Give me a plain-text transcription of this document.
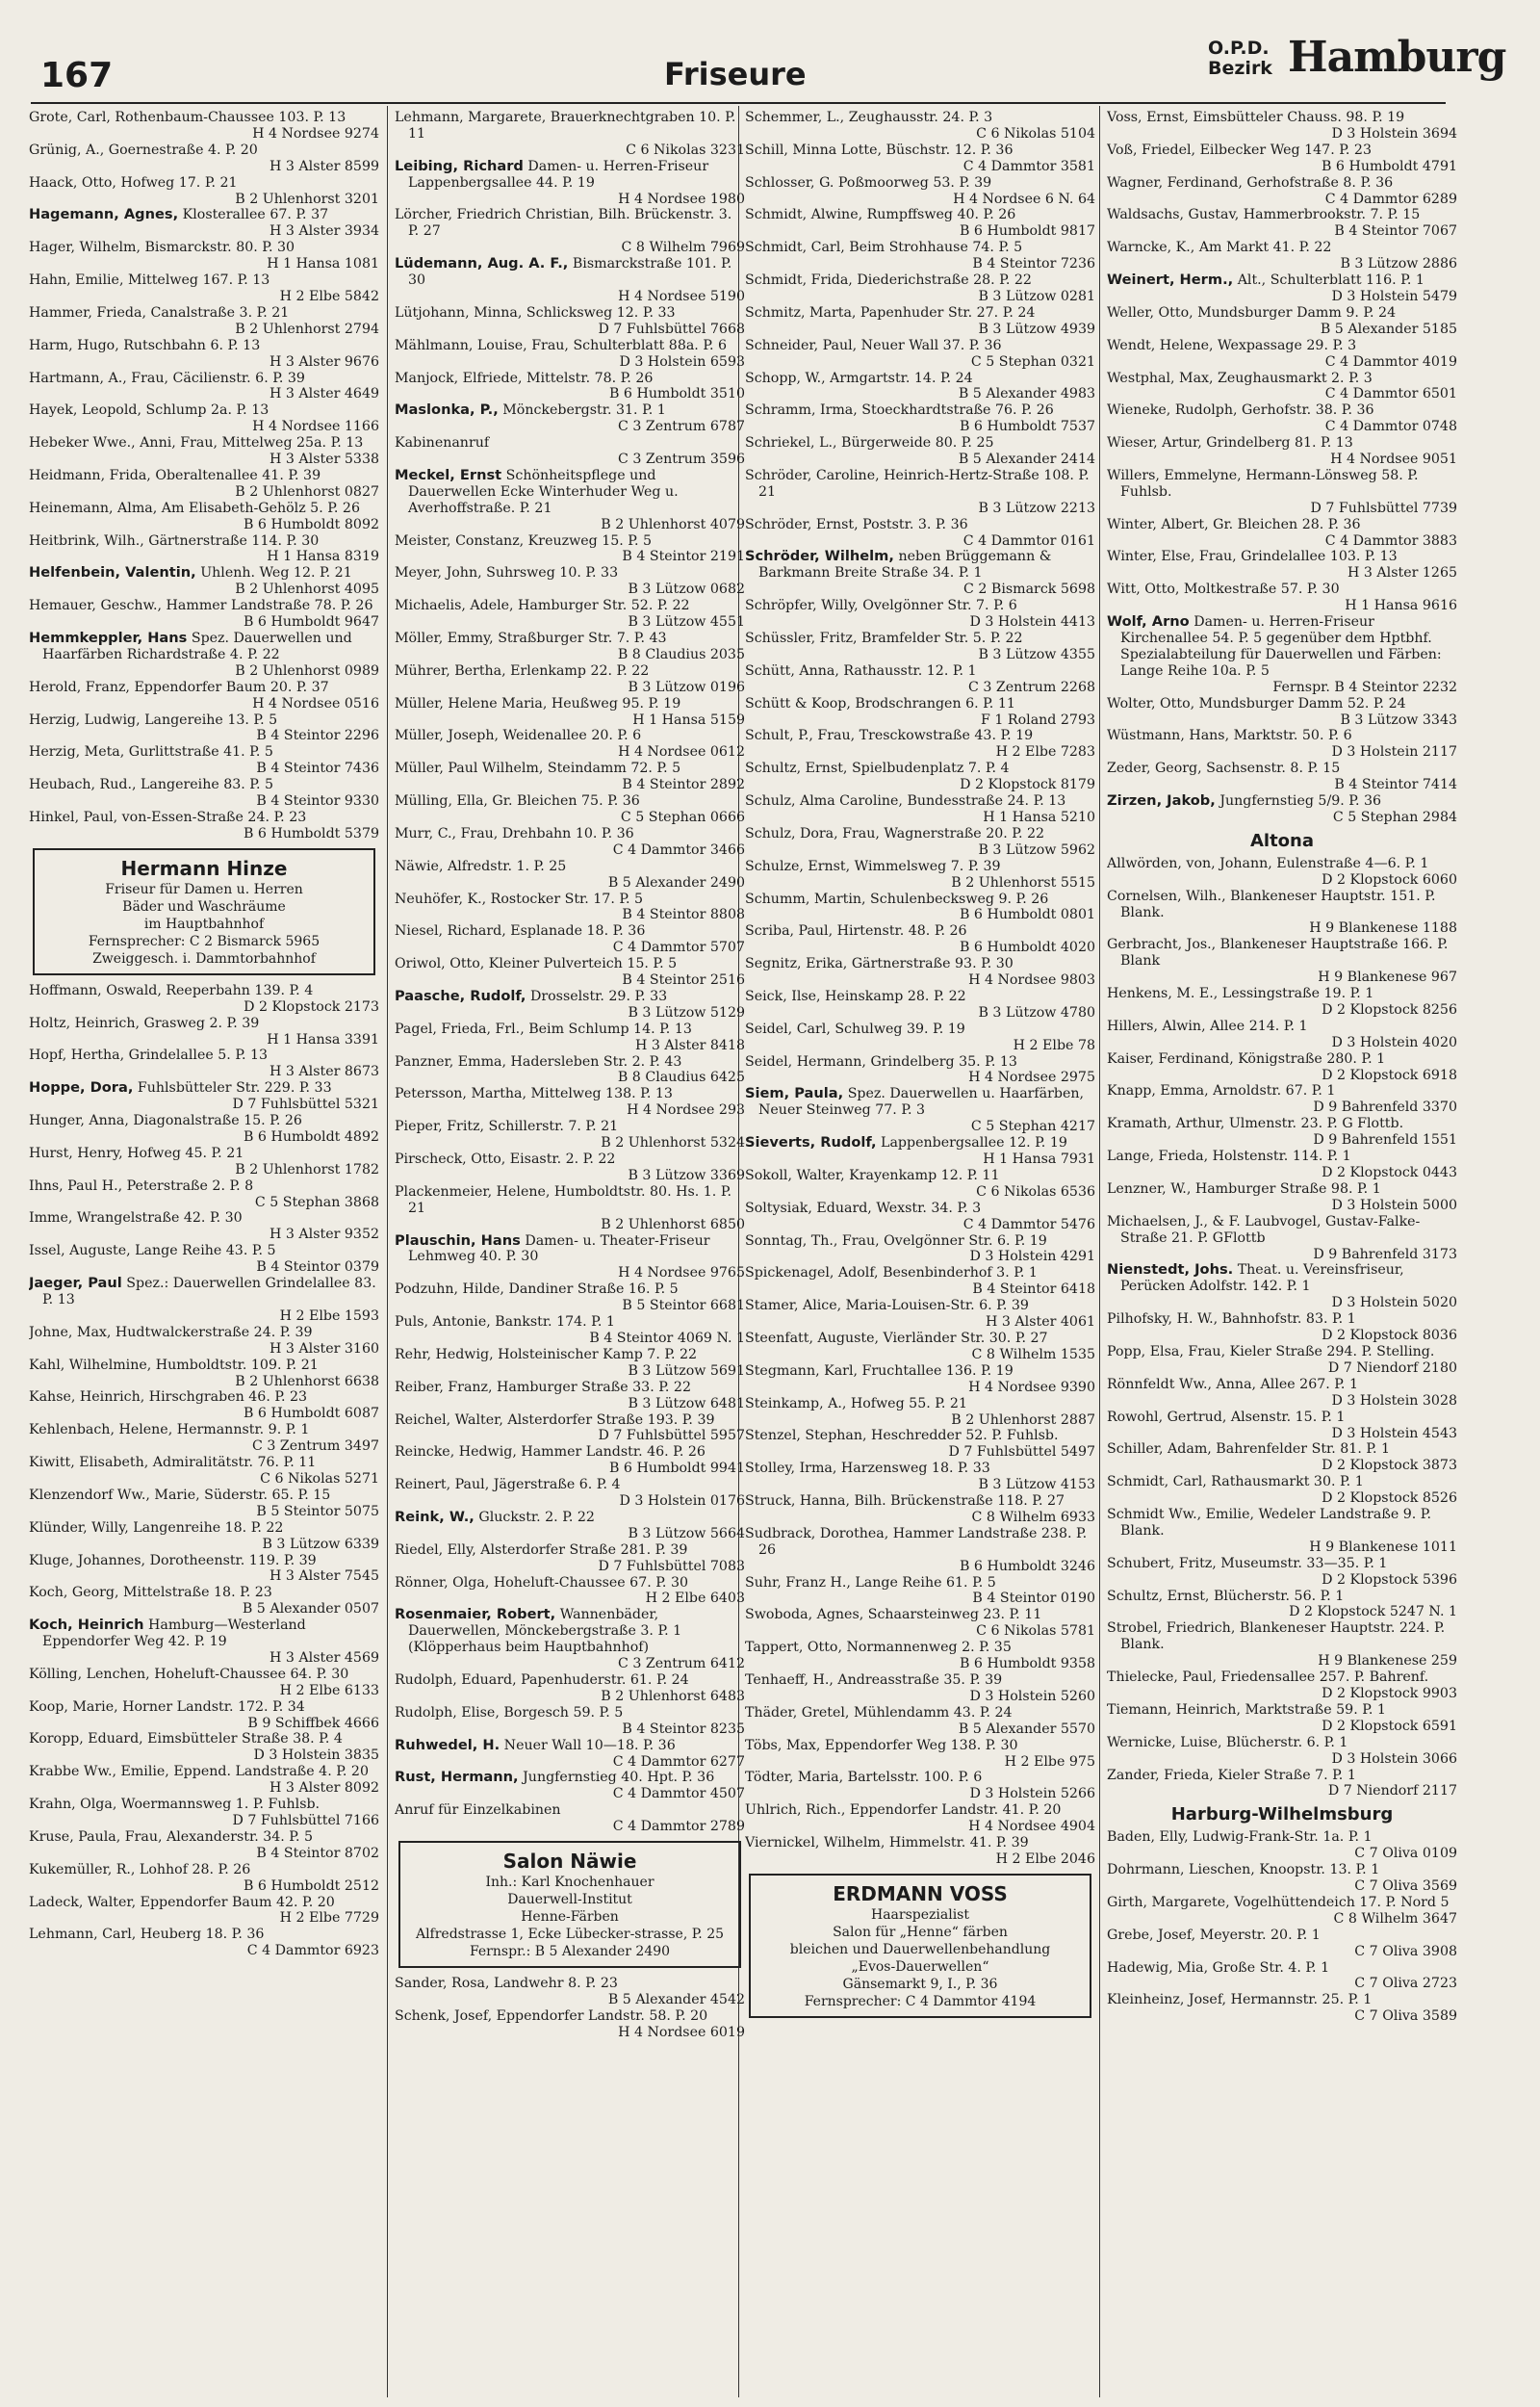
167	Friseure
O.P.D.
Bezirk Hamburg

Grote, Carl, Rothenbaum-Chaussee 103. P. 13
H 4 Nordsee 9274

Grünig, A., Goernestraße 4. P. 20
H 3 Alster 8599

Haack, Otto, Hofweg 17. P. 21
B 2 Uhlenhorst 3201

Hagemann, Agnes, Klosterallee 67. P. 37
H 3 Alster 3934

Hager, Wilhelm, Bismarckstr. 80. P. 30
H 1 Hansa 1081

Hahn, Emilie, Mittelweg 167. P. 13
H 2 Elbe 5842

Hammer, Frieda, Canalstraße 3. P. 21
B 2 Uhlenhorst 2794

Harm, Hugo, Rutschbahn 6. P. 13
H 3 Alster 9676

Hartmann, A., Frau, Cäcilienstr. 6. P. 39
H 3 Alster 4649

Hayek, Leopold, Schlump 2a. P. 13
H 4 Nordsee 1166

Hebeker Wwe., Anni, Frau, Mittelweg 25a. P. 13
H 3 Alster 5338

Heidmann, Frida, Oberaltenallee 41. P. 39
B 2 Uhlenhorst 0827

Heinemann, Alma, Am Elisabeth-Gehölz 5. P. 26
B 6 Humboldt 8092

Heitbrink, Wilh., Gärtnerstraße 114. P. 30
H 1 Hansa 8319

Helfenbein, Valentin, Uhlenh. Weg 12. P. 21
B 2 Uhlenhorst 4095

Hemauer, Geschw., Hammer Landstraße 78. P. 26
B 6 Humboldt 9647

Hemmkeppler, Hans Spez. Dauerwellen und Haarfärben Richardstraße 4. P. 22
B 2 Uhlenhorst 0989

Herold, Franz, Eppendorfer Baum 20. P. 37
H 4 Nordsee 0516

Herzig, Ludwig, Langereihe 13. P. 5
B 4 Steintor 2296

Herzig, Meta, Gurlittstraße 41. P. 5
B 4 Steintor 7436

Heubach, Rud., Langereihe 83. P. 5
B 4 Steintor 9330

Hinkel, Paul, von-Essen-Straße 24. P. 23
B 6 Humboldt 5379

Hermann Hinze
Friseur für Damen u. Herren
Bäder und Waschräume
im Hauptbahnhof
Fernsprecher: C 2 Bismarck 5965
Zweiggesch. i. Dammtorbahnhof

Hoffmann, Oswald, Reeperbahn 139. P. 4
D 2 Klopstock 2173

Holtz, Heinrich, Grasweg 2. P. 39
H 1 Hansa 3391

Hopf, Hertha, Grindelallee 5. P. 13
H 3 Alster 8673

Hoppe, Dora, Fuhlsbütteler Str. 229. P. 33
D 7 Fuhlsbüttel 5321

Hunger, Anna, Diagonalstraße 15. P. 26
B 6 Humboldt 4892

Hurst, Henry, Hofweg 45. P. 21
B 2 Uhlenhorst 1782

Ihns, Paul H., Peterstraße 2. P. 8
C 5 Stephan 3868

Imme, Wrangelstraße 42. P. 30
H 3 Alster 9352

Issel, Auguste, Lange Reihe 43. P. 5
B 4 Steintor 0379

Jaeger, Paul Spez.: Dauerwellen Grindelallee 83. P. 13
H 2 Elbe 1593

Johne, Max, Hudtwalckerstraße 24. P. 39
H 3 Alster 3160

Kahl, Wilhelmine, Humboldtstr. 109. P. 21
B 2 Uhlenhorst 6638

Kahse, Heinrich, Hirschgraben 46. P. 23
B 6 Humboldt 6087

Kehlenbach, Helene, Hermannstr. 9. P. 1
C 3 Zentrum 3497

Kiwitt, Elisabeth, Admiralitätstr. 76. P. 11
C 6 Nikolas 5271

Klenzendorf Ww., Marie, Süderstr. 65. P. 15
B 5 Steintor 5075

Klünder, Willy, Langenreihe 18. P. 22
B 3 Lützow 6339

Kluge, Johannes, Dorotheenstr. 119. P. 39
H 3 Alster 7545

Koch, Georg, Mittelstraße 18. P. 23
B 5 Alexander 0507

Koch, Heinrich Hamburg—Westerland Eppendorfer Weg 42. P. 19
H 3 Alster 4569

Kölling, Lenchen, Hoheluft-Chaussee 64. P. 30
H 2 Elbe 6133

Koop, Marie, Horner Landstr. 172. P. 34
B 9 Schiffbek 4666

Koropp, Eduard, Eimsbütteler Straße 38. P. 4
D 3 Holstein 3835

Krabbe Ww., Emilie, Eppend. Landstraße 4. P. 20
H 3 Alster 8092

Krahn, Olga, Woermannsweg 1. P. Fuhlsb.
D 7 Fuhlsbüttel 7166

Kruse, Paula, Frau, Alexanderstr. 34. P. 5
B 4 Steintor 8702

Kukemüller, R., Lohhof 28. P. 26
B 6 Humboldt 2512

Ladeck, Walter, Eppendorfer Baum 42. P. 20
H 2 Elbe 7729

Lehmann, Carl, Heuberg 18. P. 36
C 4 Dammtor 6923

Lehmann, Margarete, Brauerknechtgraben 10. P. 11
C 6 Nikolas 3231

Leibing, Richard Damen- u. Herren-Friseur Lappenbergsallee 44. P. 19
H 4 Nordsee 1980

Lörcher, Friedrich Christian, Bilh. Brückenstr. 3. P. 27
C 8 Wilhelm 7969

Lüdemann, Aug. A. F., Bismarckstraße 101. P. 30
H 4 Nordsee 5190

Lütjohann, Minna, Schlicksweg 12. P. 33
D 7 Fuhlsbüttel 7668

Mählmann, Louise, Frau, Schulterblatt 88a. P. 6
D 3 Holstein 6593

Manjock, Elfriede, Mittelstr. 78. P. 26
B 6 Humboldt 3510

Maslonka, P., Mönckebergstr. 31. P. 1
C 3 Zentrum 6787

Kabinenanruf
C 3 Zentrum 3596

Meckel, Ernst Schönheitspflege und Dauerwellen Ecke Winterhuder Weg u. Averhoffstraße. P. 21
B 2 Uhlenhorst 4079

Meister, Constanz, Kreuzweg 15. P. 5
B 4 Steintor 2191

Meyer, John, Suhrsweg 10. P. 33
B 3 Lützow 0682

Michaelis, Adele, Hamburger Str. 52. P. 22
B 3 Lützow 4551

Möller, Emmy, Straßburger Str. 7. P. 43
B 8 Claudius 2035

Mührer, Bertha, Erlenkamp 22. P. 22
B 3 Lützow 0196

Müller, Helene Maria, Heußweg 95. P. 19
H 1 Hansa 5159

Müller, Joseph, Weidenallee 20. P. 6
H 4 Nordsee 0612

Müller, Paul Wilhelm, Steindamm 72. P. 5
B 4 Steintor 2892

Mülling, Ella, Gr. Bleichen 75. P. 36
C 5 Stephan 0666

Murr, C., Frau, Drehbahn 10. P. 36
C 4 Dammtor 3466

Näwie, Alfredstr. 1. P. 25
B 5 Alexander 2490

Neuhöfer, K., Rostocker Str. 17. P. 5
B 4 Steintor 8808

Niesel, Richard, Esplanade 18. P. 36
C 4 Dammtor 5707

Oriwol, Otto, Kleiner Pulverteich 15. P. 5
B 4 Steintor 2516

Paasche, Rudolf, Drosselstr. 29. P. 33
B 3 Lützow 5129

Pagel, Frieda, Frl., Beim Schlump 14. P. 13
H 3 Alster 8418

Panzner, Emma, Hadersleben Str. 2. P. 43
B 8 Claudius 6425

Petersson, Martha, Mittelweg 138. P. 13
H 4 Nordsee 293

Pieper, Fritz, Schillerstr. 7. P. 21
B 2 Uhlenhorst 5324

Pirscheck, Otto, Eisastr. 2. P. 22
B 3 Lützow 3369

Plackenmeier, Helene, Humboldtstr. 80. Hs. 1. P. 21
B 2 Uhlenhorst 6850

Plauschin, Hans Damen- u. Theater-Friseur Lehmweg 40. P. 30
H 4 Nordsee 9765

Podzuhn, Hilde, Dandiner Straße 16. P. 5
B 5 Steintor 6681

Puls, Antonie, Bankstr. 174. P. 1
B 4 Steintor 4069 N. 1

Rehr, Hedwig, Holsteinischer Kamp 7. P. 22
B 3 Lützow 5691

Reiber, Franz, Hamburger Straße 33. P. 22
B 3 Lützow 6481

Reichel, Walter, Alsterdorfer Straße 193. P. 39
D 7 Fuhlsbüttel 5957

Reincke, Hedwig, Hammer Landstr. 46. P. 26
B 6 Humboldt 9941

Reinert, Paul, Jägerstraße 6. P. 4
D 3 Holstein 0176

Reink, W., Gluckstr. 2. P. 22
B 3 Lützow 5664

Riedel, Elly, Alsterdorfer Straße 281. P. 39
D 7 Fuhlsbüttel 7083

Rönner, Olga, Hoheluft-Chaussee 67. P. 30
H 2 Elbe 6403

Rosenmaier, Robert, Wannenbäder, Dauerwellen, Mönckebergstraße 3. P. 1 (Klöpperhaus beim Hauptbahnhof)
C 3 Zentrum 6412

Rudolph, Eduard, Papenhuderstr. 61. P. 24
B 2 Uhlenhorst 6483

Rudolph, Elise, Borgesch 59. P. 5
B 4 Steintor 8235

Ruhwedel, H. Neuer Wall 10—18. P. 36
C 4 Dammtor 6277

Rust, Hermann, Jungfernstieg 40. Hpt. P. 36
C 4 Dammtor 4507

Anruf für Einzelkabinen
C 4 Dammtor 2789

Salon Näwie
Inh.: Karl Knochenhauer
Dauerwell-Institut
Henne-Färben
Alfredstrasse 1, Ecke Lübecker-strasse, P. 25
Fernspr.: B 5 Alexander 2490

Sander, Rosa, Landwehr 8. P. 23
B 5 Alexander 4542

Schenk, Josef, Eppendorfer Landstr. 58. P. 20
H 4 Nordsee 6019

Schemmer, L., Zeughausstr. 24. P. 3
C 6 Nikolas 5104

Schill, Minna Lotte, Büschstr. 12. P. 36
C 4 Dammtor 3581

Schlosser, G. Poßmoorweg 53. P. 39
H 4 Nordsee 6 N. 64

Schmidt, Alwine, Rumpffsweg 40. P. 26
B 6 Humboldt 9817

Schmidt, Carl, Beim Strohhause 74. P. 5
B 4 Steintor 7236

Schmidt, Frida, Diederichstraße 28. P. 22
B 3 Lützow 0281

Schmitz, Marta, Papenhuder Str. 27. P. 24
B 3 Lützow 4939

Schneider, Paul, Neuer Wall 37. P. 36
C 5 Stephan 0321

Schopp, W., Armgartstr. 14. P. 24
B 5 Alexander 4983

Schramm, Irma, Stoeckhardtstraße 76. P. 26
B 6 Humboldt 7537

Schriekel, L., Bürgerweide 80. P. 25
B 5 Alexander 2414

Schröder, Caroline, Heinrich-Hertz-Straße 108. P. 21
B 3 Lützow 2213

Schröder, Ernst, Poststr. 3. P. 36
C 4 Dammtor 0161

Schröder, Wilhelm, neben Brüggemann & Barkmann Breite Straße 34. P. 1
C 2 Bismarck 5698

Schröpfer, Willy, Ovelgönner Str. 7. P. 6
D 3 Holstein 4413

Schüssler, Fritz, Bramfelder Str. 5. P. 22
B 3 Lützow 4355

Schütt, Anna, Rathausstr. 12. P. 1
C 3 Zentrum 2268

Schütt & Koop, Brodschrangen 6. P. 11
F 1 Roland 2793

Schult, P., Frau, Tresckowstraße 43. P. 19
H 2 Elbe 7283

Schultz, Ernst, Spielbudenplatz 7. P. 4
D 2 Klopstock 8179

Schulz, Alma Caroline, Bundesstraße 24. P. 13
H 1 Hansa 5210

Schulz, Dora, Frau, Wagnerstraße 20. P. 22
B 3 Lützow 5962

Schulze, Ernst, Wimmelsweg 7. P. 39
B 2 Uhlenhorst 5515

Schumm, Martin, Schulenbecksweg 9. P. 26
B 6 Humboldt 0801

Scriba, Paul, Hirtenstr. 48. P. 26
B 6 Humboldt 4020

Segnitz, Erika, Gärtnerstraße 93. P. 30
H 4 Nordsee 9803

Seick, Ilse, Heinskamp 28. P. 22
B 3 Lützow 4780

Seidel, Carl, Schulweg 39. P. 19
H 2 Elbe 78

Seidel, Hermann, Grindelberg 35. P. 13
H 4 Nordsee 2975

Siem, Paula, Spez. Dauerwellen u. Haarfärben, Neuer Steinweg 77. P. 3
C 5 Stephan 4217

Sieverts, Rudolf, Lappenbergsallee 12. P. 19
H 1 Hansa 7931

Sokoll, Walter, Krayenkamp 12. P. 11
C 6 Nikolas 6536

Soltysiak, Eduard, Wexstr. 34. P. 3
C 4 Dammtor 5476

Sonntag, Th., Frau, Ovelgönner Str. 6. P. 19
D 3 Holstein 4291

Spickenagel, Adolf, Besenbinderhof 3. P. 1
B 4 Steintor 6418

Stamer, Alice, Maria-Louisen-Str. 6. P. 39
H 3 Alster 4061

Steenfatt, Auguste, Vierländer Str. 30. P. 27
C 8 Wilhelm 1535

Stegmann, Karl, Fruchtallee 136. P. 19
H 4 Nordsee 9390

Steinkamp, A., Hofweg 55. P. 21
B 2 Uhlenhorst 2887

Stenzel, Stephan, Heschredder 52. P. Fuhlsb.
D 7 Fuhlsbüttel 5497

Stolley, Irma, Harzensweg 18. P. 33
B 3 Lützow 4153

Struck, Hanna, Bilh. Brückenstraße 118. P. 27
C 8 Wilhelm 6933

Sudbrack, Dorothea, Hammer Landstraße 238. P. 26
B 6 Humboldt 3246

Suhr, Franz H., Lange Reihe 61. P. 5
B 4 Steintor 0190

Swoboda, Agnes, Schaarsteinweg 23. P. 11
C 6 Nikolas 5781

Tappert, Otto, Normannenweg 2. P. 35
B 6 Humboldt 9358

Tenhaeff, H., Andreasstraße 35. P. 39
D 3 Holstein 5260

Thäder, Gretel, Mühlendamm 43. P. 24
B 5 Alexander 5570

Töbs, Max, Eppendorfer Weg 138. P. 30
H 2 Elbe 975

Tödter, Maria, Bartelsstr. 100. P. 6
D 3 Holstein 5266

Uhlrich, Rich., Eppendorfer Landstr. 41. P. 20
H 4 Nordsee 4904

Viernickel, Wilhelm, Himmelstr. 41. P. 39
H 2 Elbe 2046

ERDMANN VOSS
Haarspezialist
Salon für „Henne“ färben
bleichen und Dauerwellenbehandlung
„Evos-Dauerwellen“
Gänsemarkt 9, I., P. 36
Fernsprecher: C 4 Dammtor 4194

Voss, Ernst, Eimsbütteler Chauss. 98. P. 19
D 3 Holstein 3694

Voß, Friedel, Eilbecker Weg 147. P. 23
B 6 Humboldt 4791

Wagner, Ferdinand, Gerhofstraße 8. P. 36
C 4 Dammtor 6289

Waldsachs, Gustav, Hammerbrookstr. 7. P. 15
B 4 Steintor 7067

Warncke, K., Am Markt 41. P. 22
B 3 Lützow 2886

Weinert, Herm., Alt., Schulterblatt 116. P. 1
D 3 Holstein 5479

Weller, Otto, Mundsburger Damm 9. P. 24
B 5 Alexander 5185

Wendt, Helene, Wexpassage 29. P. 3
C 4 Dammtor 4019

Westphal, Max, Zeughausmarkt 2. P. 3
C 4 Dammtor 6501

Wieneke, Rudolph, Gerhofstr. 38. P. 36
C 4 Dammtor 0748

Wieser, Artur, Grindelberg 81. P. 13
H 4 Nordsee 9051

Willers, Emmelyne, Hermann-Lönsweg 58. P. Fuhlsb.
D 7 Fuhlsbüttel 7739

Winter, Albert, Gr. Bleichen 28. P. 36
C 4 Dammtor 3883

Winter, Else, Frau, Grindelallee 103. P. 13
H 3 Alster 1265

Witt, Otto, Moltkestraße 57. P. 30
H 1 Hansa 9616

Wolf, Arno Damen- u. Herren-Friseur Kirchenallee 54. P. 5 gegenüber dem Hptbhf. Spezialabteilung für Dauerwellen und Färben: Lange Reihe 10a. P. 5
Fernspr. B 4 Steintor 2232

Wolter, Otto, Mundsburger Damm 52. P. 24
B 3 Lützow 3343

Wüstmann, Hans, Marktstr. 50. P. 6
D 3 Holstein 2117

Zeder, Georg, Sachsenstr. 8. P. 15
B 4 Steintor 7414

Zirzen, Jakob, Jungfernstieg 5/9. P. 36
C 5 Stephan 2984

Altona

Allwörden, von, Johann, Eulenstraße 4—6. P. 1
D 2 Klopstock 6060

Cornelsen, Wilh., Blankeneser Hauptstr. 151. P. Blank.
H 9 Blankenese 1188

Gerbracht, Jos., Blankeneser Hauptstraße 166. P. Blank
H 9 Blankenese 967

Henkens, M. E., Lessingstraße 19. P. 1
D 2 Klopstock 8256

Hillers, Alwin, Allee 214. P. 1
D 3 Holstein 4020

Kaiser, Ferdinand, Königstraße 280. P. 1
D 2 Klopstock 6918

Knapp, Emma, Arnoldstr. 67. P. 1
D 9 Bahrenfeld 3370

Kramath, Arthur, Ulmenstr. 23. P. G Flottb.
D 9 Bahrenfeld 1551

Lange, Frieda, Holstenstr. 114. P. 1
D 2 Klopstock 0443

Lenzner, W., Hamburger Straße 98. P. 1
D 3 Holstein 5000

Michaelsen, J., & F. Laubvogel, Gustav-Falke-Straße 21. P. GFlottb
D 9 Bahrenfeld 3173

Nienstedt, Johs. Theat. u. Vereinsfriseur, Perücken Adolfstr. 142. P. 1
D 3 Holstein 5020

Pilhofsky, H. W., Bahnhofstr. 83. P. 1
D 2 Klopstock 8036

Popp, Elsa, Frau, Kieler Straße 294. P. Stelling.
D 7 Niendorf 2180

Rönnfeldt Ww., Anna, Allee 267. P. 1
D 3 Holstein 3028

Rowohl, Gertrud, Alsenstr. 15. P. 1
D 3 Holstein 4543

Schiller, Adam, Bahrenfelder Str. 81. P. 1
D 2 Klopstock 3873

Schmidt, Carl, Rathausmarkt 30. P. 1
D 2 Klopstock 8526

Schmidt Ww., Emilie, Wedeler Landstraße 9. P. Blank.
H 9 Blankenese 1011

Schubert, Fritz, Museumstr. 33—35. P. 1
D 2 Klopstock 5396

Schultz, Ernst, Blücherstr. 56. P. 1
D 2 Klopstock 5247 N. 1

Strobel, Friedrich, Blankeneser Hauptstr. 224. P. Blank.
H 9 Blankenese 259

Thielecke, Paul, Friedensallee 257. P. Bahrenf.
D 2 Klopstock 9903

Tiemann, Heinrich, Marktstraße 59. P. 1
D 2 Klopstock 6591

Wernicke, Luise, Blücherstr. 6. P. 1
D 3 Holstein 3066

Zander, Frieda, Kieler Straße 7. P. 1
D 7 Niendorf 2117

Harburg-Wilhelmsburg

Baden, Elly, Ludwig-Frank-Str. 1a. P. 1
C 7 Oliva 0109

Dohrmann, Lieschen, Knoopstr. 13. P. 1
C 7 Oliva 3569

Girth, Margarete, Vogelhüttendeich 17. P. Nord 5
C 8 Wilhelm 3647

Grebe, Josef, Meyerstr. 20. P. 1
C 7 Oliva 3908

Hadewig, Mia, Große Str. 4. P. 1
C 7 Oliva 2723

Kleinheinz, Josef, Hermannstr. 25. P. 1
C 7 Oliva 3589
